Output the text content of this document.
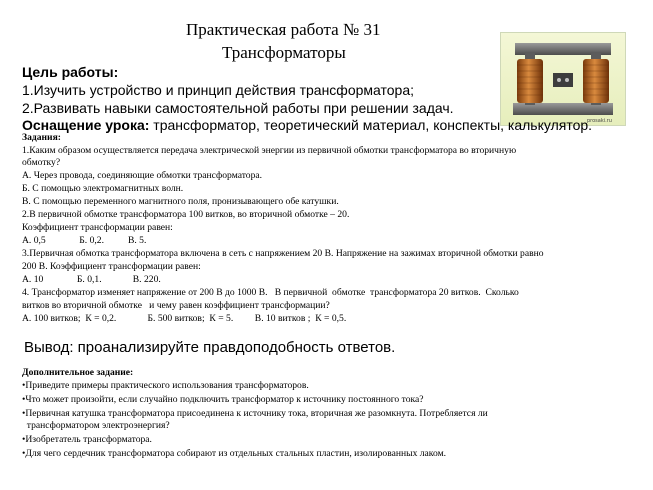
Практическая работа № 31
Трансформаторы
prosaki.ru
Цель работы:
1.Изучить устройство и принцип действия трансформатора;
2.Развивать навыки самостоятельной работы при решении задач.
Оснащение урока: трансформатор, теоретический материал, конспекты, калькулятор.
Задания:
1.Каким образом осуществляется передача электрической энергии из первичной обмотки трансформатора во вторичную
обмотку?
А. Через провода, соединяющие обмотки трансформатора.
Б. С помощью электромагнитных волн.
В. С помощью переменного магнитного поля, пронизывающего обе катушки.
2.В первичной обмотке трансформатора 100 витков, во вторичной обмотке – 20.
Коэффициент трансформации равен:
А. 0,5              Б. 0,2.          В. 5.
3.Первичная обмотка трансформатора включена в сеть с напряжением 20 В. Напряжение на зажимах вторичной обмотки равно
200 В. Коэффициент трансформации равен:
А. 10              Б. 0,1.             В. 220.
4. Трансформатор изменяет напряжение от 200 В до 1000 В.   В первичной  обмотке  трансформатора 20 витков.  Сколько
витков во вторичной обмотке   и чему равен коэффициент трансформации?
А. 100 витков;  К = 0,2.             Б. 500 витков;  К = 5.         В. 10 витков ;  К = 0,5.
Вывод: проанализируйте правдоподобность ответов.
Дополнительное задание:
•Приведите примеры практического использования трансформаторов.
•Что может произойти, если случайно подключить трансформатор к источнику постоянного тока?
•Первичная катушка трансформатора присоединена к источнику тока, вторичная же разомкнута. Потребляется ли
трансформатором электроэнергия?
•Изобретатель трансформатора.
•Для чего сердечник трансформатора собирают из отдельных стальных пластин, изолированных лаком.
